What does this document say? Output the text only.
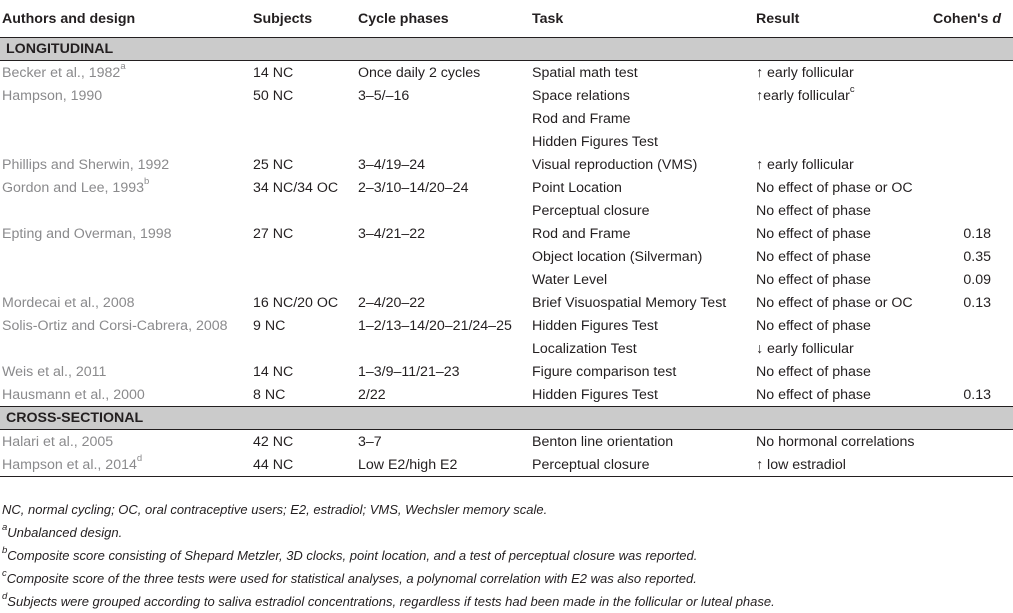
Authors and design	Subjects	Cycle phases	Task	Result	Cohen's d
LONGITUDINAL					
Becker et al., 1982$^a$	14 NC	Once daily 2 cycles	Spatial math test	↑ early follicular	
Hampson, 1990	50 NC	3–5/–16	Space relations	↑early follicular$^c$	
			Rod and Frame		
			Hidden Figures Test		
Phillips and Sherwin, 1992	25 NC	3–4/19–24	Visual reproduction (VMS)	↑ early follicular	
Gordon and Lee, 1993$^b$	34 NC/34 OC	2–3/10–14/20–24	Point Location	No effect of phase or OC	
			Perceptual closure	No effect of phase	
Epting and Overman, 1998	27 NC	3–4/21–22	Rod and Frame	No effect of phase	0.18
			Object location (Silverman)	No effect of phase	0.35
			Water Level	No effect of phase	0.09
Mordecai et al., 2008	16 NC/20 OC	2–4/20–22	Brief Visuospatial Memory Test	No effect of phase or OC	0.13
Solis-Ortiz and Corsi-Cabrera, 2008	9 NC	1–2/13–14/20–21/24–25	Hidden Figures Test	No effect of phase	
			Localization Test	↓ early follicular	
Weis et al., 2011	14 NC	1–3/9–11/21–23	Figure comparison test	No effect of phase	
Hausmann et al., 2000	8 NC	2/22	Hidden Figures Test	No effect of phase	0.13
CROSS-SECTIONAL					
Halari et al., 2005	42 NC	3–7	Benton line orientation	No hormonal correlations	
Hampson et al., 2014$^d$	44 NC	Low E2/high E2	Perceptual closure	↑ low estradiol	
NC, normal cycling; OC, oral contraceptive users; E2, estradiol; VMS, Wechsler memory scale.
$^a$Unbalanced design.
$^b$Composite score consisting of Shepard Metzler, 3D clocks, point location, and a test of perceptual closure was reported.
$^c$Composite score of the three tests were used for statistical analyses, a polynomal correlation with E2 was also reported.
$^d$Subjects were grouped according to saliva estradiol concentrations, regardless if tests had been made in the follicular or luteal phase.
